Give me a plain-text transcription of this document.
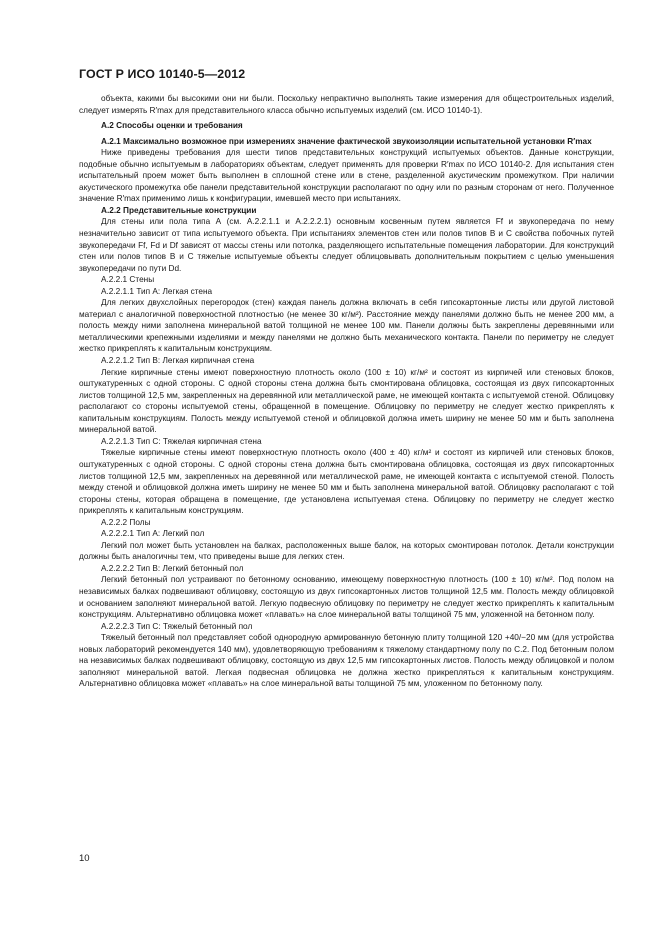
ГОСТ Р ИСО 10140-5—2012

объекта, какими бы высокими они ни были. Поскольку непрактично выполнять такие измерения для общестроительных изделий, следует измерять R′max для представительного класса обычно испытуемых изделий (см. ИСО 10140-1).

А.2 Способы оценки и требования

А.2.1 Максимально возможное при измерениях значение фактической звукоизоляции испытательной установки R′max

Ниже приведены требования для шести типов представительных конструкций испытуемых объектов. Данные конструкции, подобные обычно испытуемым в лабораториях объектам, следует применять для проверки R′max по ИСО 10140-2. Для испытания стен испытательный проем может быть выполнен в сплошной стене или в стене, разделенной акустическим промежутком. При наличии акустического промежутка обе панели представительной конструкции располагают по одну или по разным сторонам от него. Полученное значение R′max применимо лишь к конфигурации, имевшей место при испытаниях.

А.2.2 Представительные конструкции

Для стены или пола типа А (см. А.2.2.1.1 и А.2.2.2.1) основным косвенным путем является Ff и звукопередача по нему незначительно зависит от типа испытуемого объекта. При испытаниях элементов стен или полов типов В и С свойства побочных путей звукопередачи Ff, Fd и Df зависят от массы стены или потолка, разделяющего испытательные помещения лаборатории. Для конструкций стен или полов типов В и С тяжелые испытуемые объекты следует облицовывать дополнительным покрытием с целью уменьшения звукопередачи по пути Dd.

А.2.2.1 Стены

А.2.2.1.1 Тип А: Легкая стена

Для легких двухслойных перегородок (стен) каждая панель должна включать в себя гипсокартонные листы или другой листовой материал с аналогичной поверхностной плотностью (не менее 30 кг/м²). Расстояние между панелями должно быть не менее 200 мм, а полость между ними заполнена минеральной ватой толщиной не менее 100 мм. Панели должны быть закреплены деревянными или металлическими крепежными изделиями и между панелями не должно быть механического контакта. Панели по периметру не следует жестко прикреплять к капитальным конструкциям.

А.2.2.1.2 Тип В: Легкая кирпичная стена

Легкие кирпичные стены имеют поверхностную плотность около (100 ± 10) кг/м² и состоят из кирпичей или стеновых блоков, оштукатуренных с одной стороны. С одной стороны стена должна быть смонтирована облицовка, состоящая из двух гипсокартонных листов толщиной 12,5 мм, закрепленных на деревянной или металлической раме, не имеющей контакта с испытуемой стеной. Облицовку располагают со стороны испытуемой стены, обращенной в помещение. Облицовку по периметру не следует жестко прикреплять к капитальным конструкциям. Полость между испытуемой стеной и облицовкой должна иметь ширину не менее 50 мм и быть заполнена минеральной ватой.

А.2.2.1.3 Тип С: Тяжелая кирпичная стена

Тяжелые кирпичные стены имеют поверхностную плотность около (400 ± 40) кг/м² и состоят из кирпичей или стеновых блоков, оштукатуренных с одной стороны. С одной стороны стена должна быть смонтирована облицовка, состоящая из двух гипсокартонных листов толщиной 12,5 мм, закрепленных на деревянной или металлической раме, не имеющей контакта с испытуемой стеной. Полость между стеной и облицовкой должна иметь ширину не менее 50 мм и быть заполнена минеральной ватой. Облицовку располагают с той стороны стены, которая обращена в помещение, где установлена испытуемая стена. Облицовку по периметру не следует жестко прикреплять к капитальным конструкциям.

А.2.2.2 Полы

А.2.2.2.1 Тип А: Легкий пол

Легкий пол может быть установлен на балках, расположенных выше балок, на которых смонтирован потолок. Детали конструкции должны быть аналогичны тем, что приведены выше для легких стен.

А.2.2.2.2 Тип В: Легкий бетонный пол

Легкий бетонный пол устраивают по бетонному основанию, имеющему поверхностную плотность (100 ± 10) кг/м². Под полом на независимых балках подвешивают облицовку, состоящую из двух гипсокартонных листов толщиной 12,5 мм. Полость между облицовкой и основанием заполняют минеральной ватой. Легкую подвесную облицовку по периметру не следует жестко прикреплять к капитальным конструкциям. Альтернативно облицовка может «плавать» на слое минеральной ваты толщиной 75 мм, уложенной на бетонном полу.

А.2.2.2.3 Тип С: Тяжелый бетонный пол

Тяжелый бетонный пол представляет собой однородную армированную бетонную плиту толщиной 120 +40/−20 мм (для устройства новых лабораторий рекомендуется 140 мм), удовлетворяющую требованиям к тяжелому стандартному полу по С.2. Под бетонным полом на независимых балках подвешивают облицовку, состоящую из двух 12,5 мм гипсокартонных листов. Полость между облицовкой и полом заполняют минеральной ватой. Легкая подвесная облицовка не должна жестко прикрепляться к капитальным конструкциям. Альтернативно облицовка может «плавать» на слое минеральной ваты толщиной 75 мм, уложенном по бетонному полу.

10
